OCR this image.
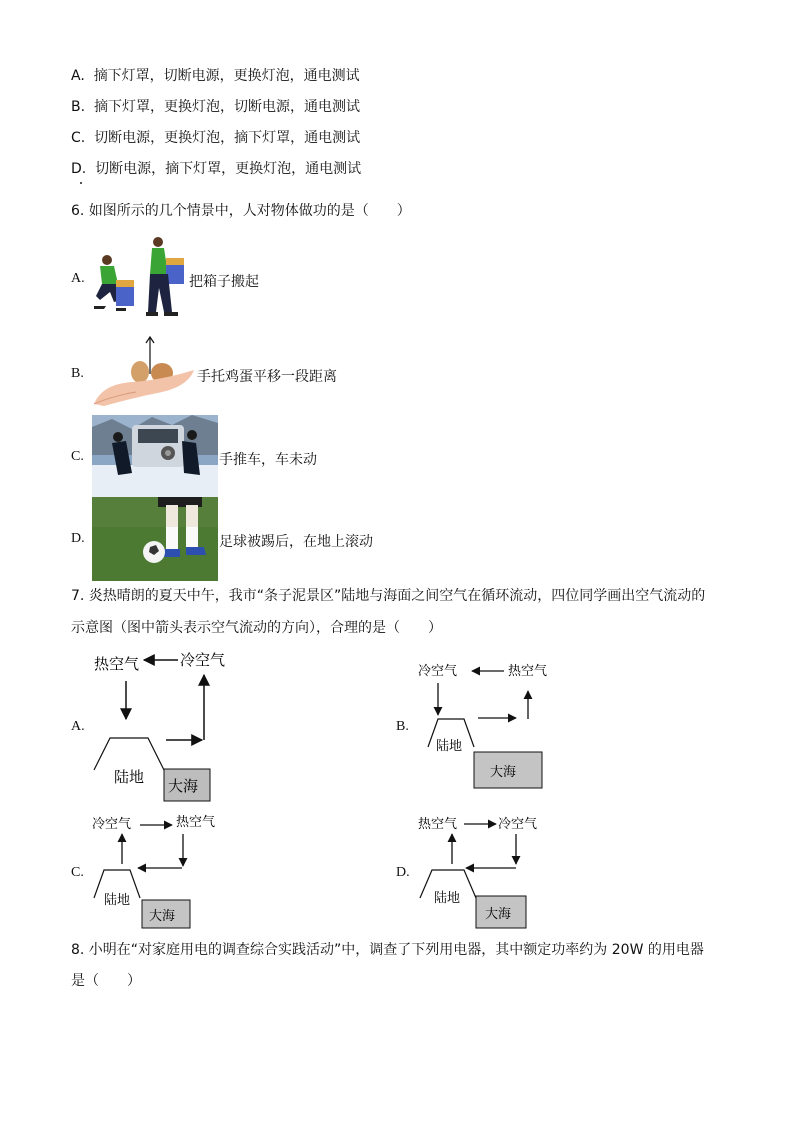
A. 摘下灯罩，切断电源，更换灯泡，通电测试
B. 摘下灯罩，更换灯泡，切断电源，通电测试
C. 切断电源，更换灯泡，摘下灯罩，通电测试
D. 切断电源，摘下灯罩，更换灯泡，通电测试
6. 如图所示的几个情景中，人对物体做功的是（　　）
A.	把箱子搬起
B.	手托鸡蛋平移一段距离
C.	手推车，车未动
D.	足球被踢后，在地上滚动
7. 炎热晴朗的夏天中午，我市“条子泥景区”陆地与海面之间空气在循环流动，四位同学画出空气流动的
示意图（图中箭头表示空气流动的方向），合理的是（　　）
A.
热空气	冷空气
陆地 大海
B.
冷空气	热空气
陆地
大海
C.
冷空气	热空气
陆地
大海
D.
热空气	冷空气
陆地
大海
8. 小明在“对家庭用电的调查综合实践活动”中，调查了下列用电器，其中额定功率约为 20W 的用电器
是（　　）
